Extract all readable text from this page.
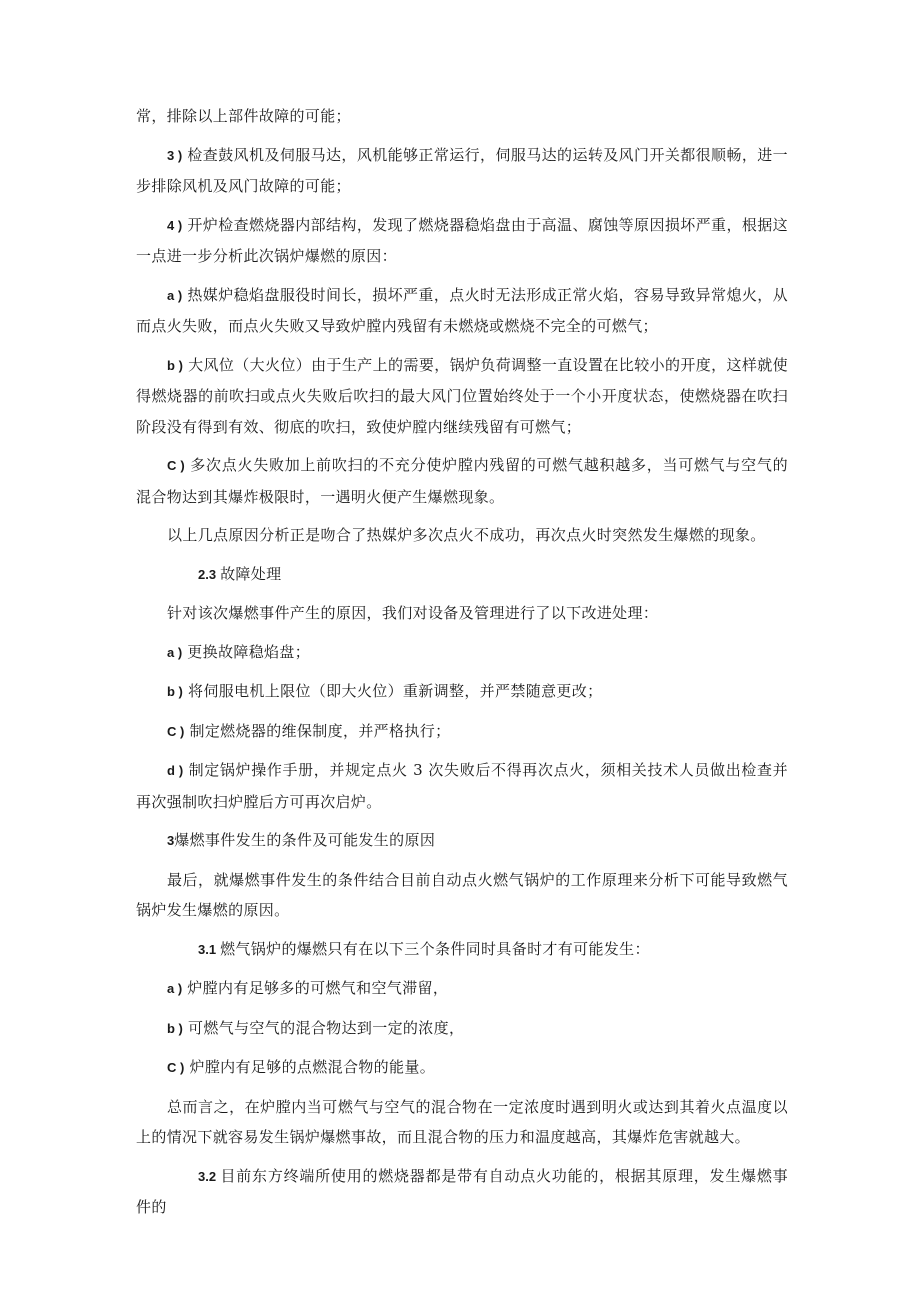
常，排除以上部件故障的可能；

3 ) 检查鼓风机及伺服马达，风机能够正常运行，伺服马达的运转及风门开关都很顺畅，进一步排除风机及风门故障的可能；

4 ) 开炉检查燃烧器内部结构，发现了燃烧器稳焰盘由于高温、腐蚀等原因损坏严重，根据这一点进一步分析此次锅炉爆燃的原因：

a ) 热媒炉稳焰盘服役时间长，损坏严重，点火时无法形成正常火焰，容易导致异常熄火，从而点火失败，而点火失败又导致炉膛内残留有未燃烧或燃烧不完全的可燃气；

b ) 大风位（大火位）由于生产上的需要，锅炉负荷调整一直设置在比较小的开度，这样就使得燃烧器的前吹扫或点火失败后吹扫的最大风门位置始终处于一个小开度状态，使燃烧器在吹扫阶段没有得到有效、彻底的吹扫，致使炉膛内继续残留有可燃气；

C ) 多次点火失败加上前吹扫的不充分使炉膛内残留的可燃气越积越多，当可燃气与空气的混合物达到其爆炸极限时，一遇明火便产生爆燃现象。

以上几点原因分析正是吻合了热媒炉多次点火不成功，再次点火时突然发生爆燃的现象。

2.3 故障处理

针对该次爆燃事件产生的原因，我们对设备及管理进行了以下改进处理：

a ) 更换故障稳焰盘；

b ) 将伺服电机上限位（即大火位）重新调整，并严禁随意更改；

C ) 制定燃烧器的维保制度，并严格执行；

d ) 制定锅炉操作手册，并规定点火 3 次失败后不得再次点火，须相关技术人员做出检查并再次强制吹扫炉膛后方可再次启炉。

3爆燃事件发生的条件及可能发生的原因

最后，就爆燃事件发生的条件结合目前自动点火燃气锅炉的工作原理来分析下可能导致燃气锅炉发生爆燃的原因。

3.1 燃气锅炉的爆燃只有在以下三个条件同时具备时才有可能发生：

a ) 炉膛内有足够多的可燃气和空气滞留，

b ) 可燃气与空气的混合物达到一定的浓度，

C ) 炉膛内有足够的点燃混合物的能量。

总而言之，在炉膛内当可燃气与空气的混合物在一定浓度时遇到明火或达到其着火点温度以上的情况下就容易发生锅炉爆燃事故，而且混合物的压力和温度越高，其爆炸危害就越大。

3.2 目前东方终端所使用的燃烧器都是带有自动点火功能的，根据其原理，发生爆燃事件的
